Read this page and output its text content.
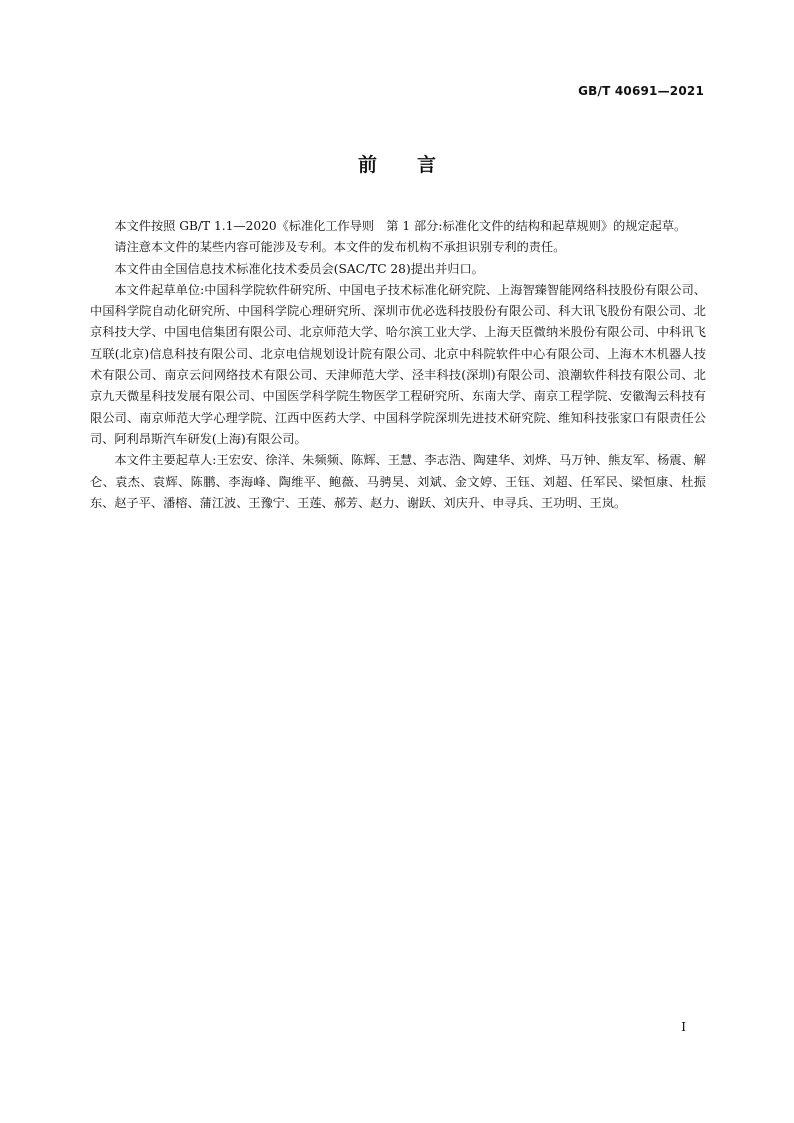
GB/T 40691—2021
前言

本文件按照 GB/T 1.1—2020《标准化工作导则　第 1 部分:标准化文件的结构和起草规则》的规定起草。

请注意本文件的某些内容可能涉及专利。本文件的发布机构不承担识别专利的责任。

本文件由全国信息技术标准化技术委员会(SAC/TC 28)提出并归口。

本文件起草单位:中国科学院软件研究所、中国电子技术标准化研究院、上海智臻智能网络科技股份有限公司、中国科学院自动化研究所、中国科学院心理研究所、深圳市优必选科技股份有限公司、科大讯飞股份有限公司、北京科技大学、中国电信集团有限公司、北京师范大学、哈尔滨工业大学、上海天臣微纳米股份有限公司、中科讯飞互联(北京)信息科技有限公司、北京电信规划设计院有限公司、北京中科院软件中心有限公司、上海木木机器人技术有限公司、南京云问网络技术有限公司、天津师范大学、泾丰科技(深圳)有限公司、浪潮软件科技有限公司、北京九天微星科技发展有限公司、中国医学科学院生物医学工程研究所、东南大学、南京工程学院、安徽淘云科技有限公司、南京师范大学心理学院、江西中医药大学、中国科学院深圳先进技术研究院、维知科技张家口有限责任公司、阿利昂斯汽车研发(上海)有限公司。

本文件主要起草人:王宏安、徐洋、朱频频、陈辉、王慧、李志浩、陶建华、刘烨、马万钟、熊友军、杨震、解仑、袁杰、袁辉、陈鹏、李海峰、陶维平、鲍薇、马骋昊、刘斌、金文婷、王钰、刘超、任军民、梁恒康、杜振东、赵子平、潘榕、蒲江波、王豫宁、王莲、郝芳、赵力、谢跃、刘庆升、申寻兵、王功明、王岚。

I
